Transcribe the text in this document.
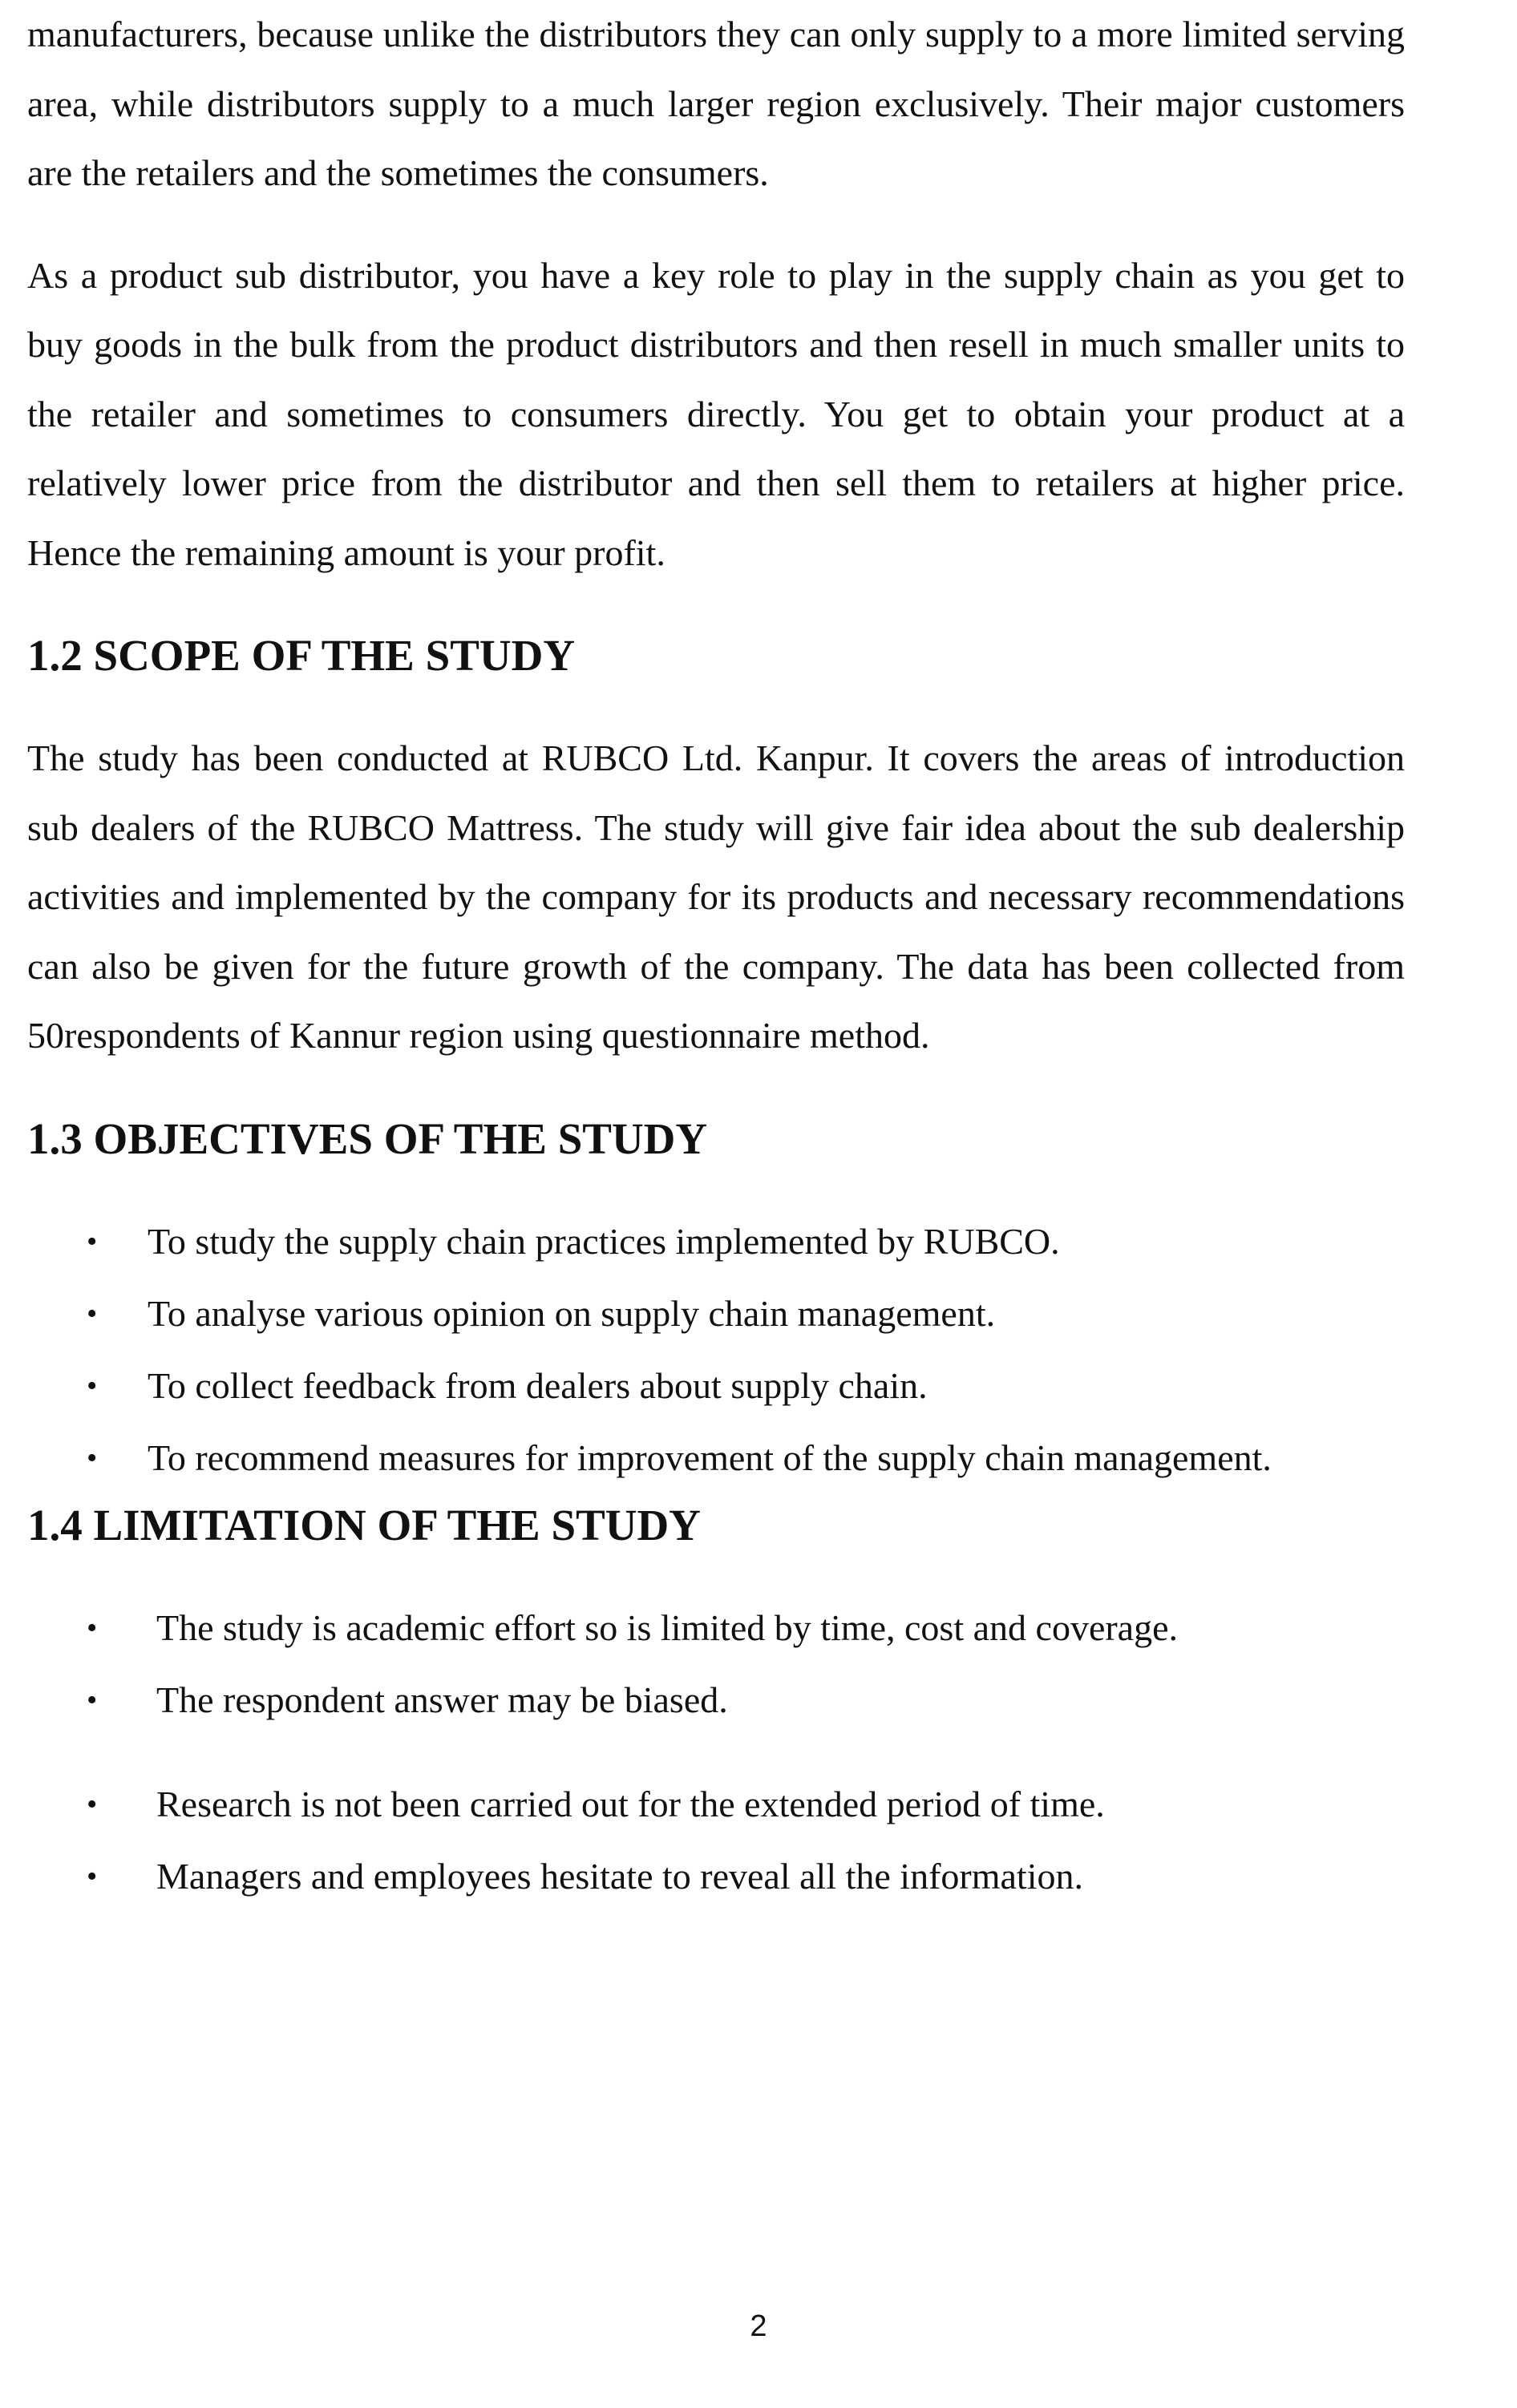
manufacturers, because unlike the distributors they can only supply to a more limited serving area, while distributors supply to a much larger region exclusively. Their major customers are the retailers and the sometimes the consumers.

As a product sub distributor, you have a key role to play in the supply chain as you get to buy goods in the bulk from the product distributors and then resell in much smaller units to the retailer and sometimes to consumers directly. You get to obtain your product at a relatively lower price from the distributor and then sell them to retailers at higher price. Hence the remaining amount is your profit.

1.2 SCOPE OF THE STUDY

The study has been conducted at RUBCO Ltd. Kanpur. It covers the areas of introduction sub dealers of the RUBCO Mattress. The study will give fair idea about the sub dealership activities and implemented by the company for its products and necessary recommendations can also be given for the future growth of the company. The data has been collected from 50respondents of Kannur region using questionnaire method.

1.3 OBJECTIVES OF THE STUDY
• To study the supply chain practices implemented by RUBCO.
• To analyse various opinion on supply chain management.
• To collect feedback from dealers about supply chain.
• To recommend measures for improvement of the supply chain management.
1.4 LIMITATION OF THE STUDY
• The study is academic effort so is limited by time, cost and coverage.
• The respondent answer may be biased.
• Research is not been carried out for the extended period of time.
• Managers and employees hesitate to reveal all the information.
2
